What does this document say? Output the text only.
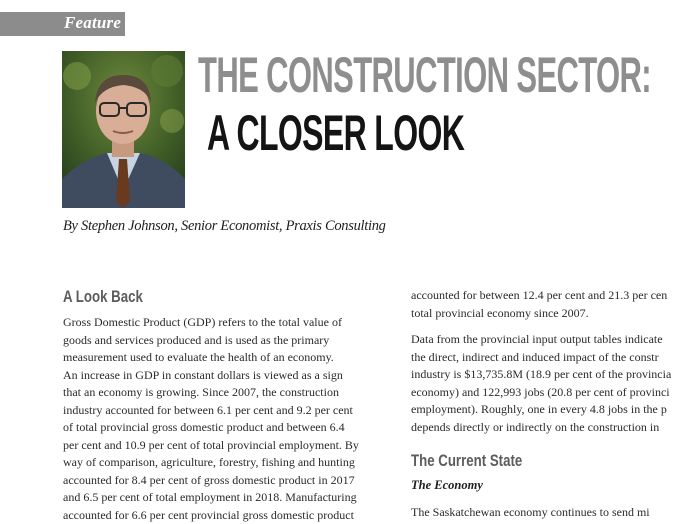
Feature
THE CONSTRUCTION SECTOR:
A CLOSER LOOK
By Stephen Johnson, Senior Economist, Praxis Consulting
A Look Back
Gross Domestic Product (GDP) refers to the total value of
goods and services produced and is used as the primary
measurement used to evaluate the health of an economy.
An increase in GDP in constant dollars is viewed as a sign
that an economy is growing. Since 2007, the construction
industry accounted for between 6.1 per cent and 9.2 per cent
of total provincial gross domestic product and between 6.4
per cent and 10.9 per cent of total provincial employment. By
way of comparison, agriculture, forestry, fishing and hunting
accounted for 8.4 per cent of gross domestic product in 2017
and 6.5 per cent of total employment in 2018. Manufacturing
accounted for 6.6 per cent provincial gross domestic product
accounted for between 12.4 per cent and 21.3 per cen
total provincial economy since 2007.
Data from the provincial input output tables indicate
the direct, indirect and induced impact of the constr
industry is $13,735.8M (18.9 per cent of the provincia
economy) and 122,993 jobs (20.8 per cent of provinci
employment). Roughly, one in every 4.8 jobs in the p
depends directly or indirectly on the construction in
The Current State
The Economy
The Saskatchewan economy continues to send mi
